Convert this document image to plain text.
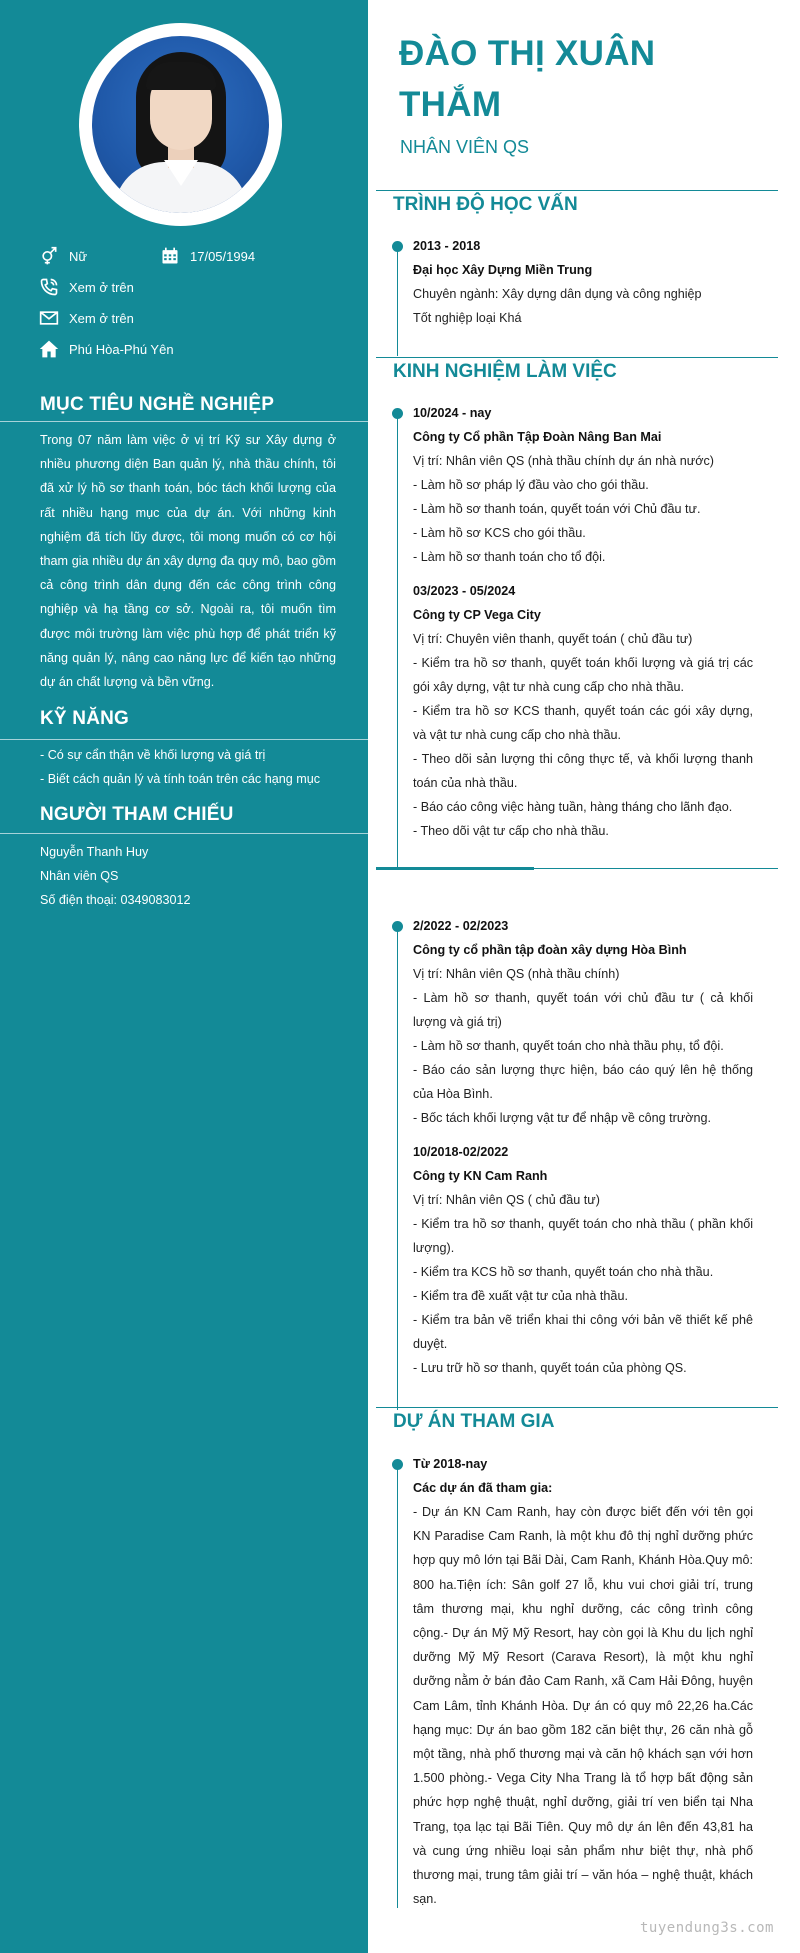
Nữ	17/05/1994
Xem ở trên
Xem ở trên
Phú Hòa-Phú Yên
MỤC TIÊU NGHỀ NGHIỆP
Trong 07 năm làm việc ở vị trí Kỹ sư Xây dựng ở nhiều phương diện Ban quản lý, nhà thầu chính, tôi đã xử lý hồ sơ thanh toán, bóc tách khối lượng của rất nhiều hạng mục của dự án. Với những kinh nghiệm đã tích lũy được, tôi mong muốn có cơ hội tham gia nhiều dự án xây dựng đa quy mô, bao gồm cả công trình dân dụng đến các công trình công nghiệp và hạ tầng cơ sở. Ngoài ra, tôi muốn tìm được môi trường làm việc phù hợp để phát triển kỹ năng quản lý, nâng cao năng lực để kiến tạo những dự án chất lượng và bền vững.
KỸ NĂNG
- Có sự cẩn thận về khối lượng và giá trị
- Biết cách quản lý và tính toán trên các hạng mục
NGƯỜI THAM CHIẾU
Nguyễn Thanh Huy
Nhân viên QS
Số điện thoại: 0349083012
ĐÀO THỊ XUÂN THẮM
NHÂN VIÊN QS
TRÌNH ĐỘ HỌC VẤN
2013 - 2018
Đại học Xây Dựng Miền Trung
Chuyên ngành: Xây dựng dân dụng và công nghiệp
Tốt nghiệp loại Khá
KINH NGHIỆM LÀM VIỆC
10/2024 - nay
Công ty Cổ phần Tập Đoàn Nâng Ban Mai
Vị trí: Nhân viên QS (nhà thầu chính dự án nhà nước)
- Làm hồ sơ pháp lý đầu vào cho gói thầu.
- Làm hồ sơ thanh toán, quyết toán với Chủ đầu tư.
- Làm hồ sơ KCS cho gói thầu.
- Làm hồ sơ thanh toán cho tổ đội.
03/2023 - 05/2024
Công ty CP Vega City
Vị trí: Chuyên viên thanh, quyết toán ( chủ đầu tư)
- Kiểm tra hồ sơ thanh, quyết toán khối lượng và giá trị các gói xây dựng, vật tư nhà cung cấp cho nhà thầu.
- Kiểm tra hồ sơ KCS thanh, quyết toán các gói xây dựng, và vật tư nhà cung cấp cho nhà thầu.
- Theo dõi sản lượng thi công thực tế, và khối lượng thanh toán của nhà thầu.
- Báo cáo công việc hàng tuần, hàng tháng cho lãnh đạo.
- Theo dõi vật tư cấp cho nhà thầu.
2/2022 - 02/2023
Công ty cổ phần tập đoàn xây dựng Hòa Bình
Vị trí: Nhân viên QS (nhà thầu chính)
- Làm hồ sơ thanh, quyết toán với chủ đầu tư ( cả khối lượng và giá trị)
- Làm hồ sơ thanh, quyết toán cho nhà thầu phụ, tổ đội.
- Báo cáo sản lượng thực hiện, báo cáo quý lên hệ thống của Hòa Bình.
- Bốc tách khối lượng vật tư để nhập về công trường.
10/2018-02/2022
Công ty KN Cam Ranh
Vị trí: Nhân viên QS ( chủ đầu tư)
- Kiểm tra hồ sơ thanh, quyết toán cho nhà thầu ( phần khối lượng).
- Kiểm tra KCS hồ sơ thanh, quyết toán cho nhà thầu.
- Kiểm tra đề xuất vật tư của nhà thầu.
- Kiểm tra bản vẽ triển khai thi công với bản vẽ thiết kế phê duyệt.
- Lưu trữ hồ sơ thanh, quyết toán của phòng QS.
DỰ ÁN THAM GIA
Từ 2018-nay
Các dự án đã tham gia:
- Dự án KN Cam Ranh, hay còn được biết đến với tên gọi KN Paradise Cam Ranh, là một khu đô thị nghỉ dưỡng phức hợp quy mô lớn tại Bãi Dài, Cam Ranh, Khánh Hòa.Quy mô: 800 ha.Tiện ích: Sân golf 27 lỗ, khu vui chơi giải trí, trung tâm thương mại, khu nghỉ dưỡng, các công trình công cộng.- Dự án Mỹ Mỹ Resort, hay còn gọi là Khu du lịch nghỉ dưỡng Mỹ Mỹ Resort (Carava Resort), là một khu nghỉ dưỡng nằm ở bán đảo Cam Ranh, xã Cam Hải Đông, huyện Cam Lâm, tỉnh Khánh Hòa. Dự án có quy mô 22,26 ha.Các hạng mục: Dự án bao gồm 182 căn biệt thự, 26 căn nhà gỗ một tầng, nhà phố thương mại và căn hộ khách sạn với hơn 1.500 phòng.- Vega City Nha Trang là tổ hợp bất động sản phức hợp nghệ thuật, nghỉ dưỡng, giải trí ven biển tại Nha Trang, tọa lạc tại Bãi Tiên. Quy mô dự án lên đến 43,81 ha và cung ứng nhiều loại sản phẩm như biệt thự, nhà phố thương mại, trung tâm giải trí – văn hóa – nghệ thuật, khách sạn.
tuyendung3s.com
